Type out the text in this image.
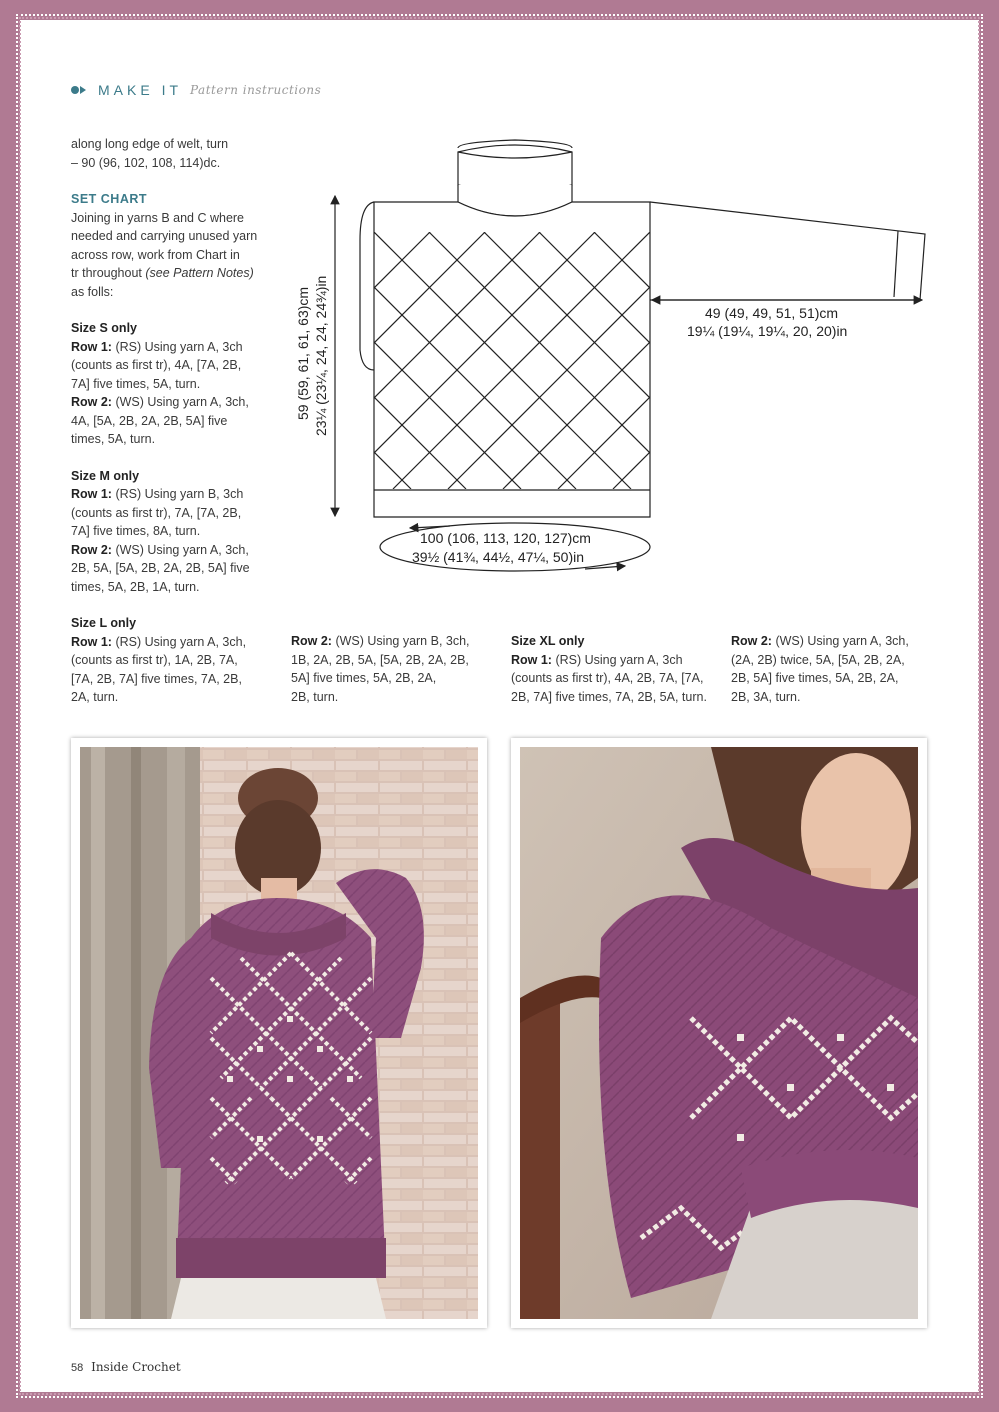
MAKE IT Pattern instructions

along long edge of welt, turn

– 90 (96, 102, 108, 114)dc.

SET CHART

Joining in yarns B and C where

needed and carrying unused yarn

across row, work from Chart in

tr throughout (see Pattern Notes)

as folls:

Size S only

Row 1: (RS) Using yarn A, 3ch

(counts as first tr), 4A, [7A, 2B,

7A] five times, 5A, turn.

Row 2: (WS) Using yarn A, 3ch,

4A, [5A, 2B, 2A, 2B, 5A] five

times, 5A, turn.

Size M only

Row 1: (RS) Using yarn B, 3ch

(counts as first tr), 7A, [7A, 2B,

7A] five times, 8A, turn.

Row 2: (WS) Using yarn A, 3ch,

2B, 5A, [5A, 2B, 2A, 2B, 5A] five

times, 5A, 2B, 1A, turn.

Size L only

Row 1: (RS) Using yarn A, 3ch,

(counts as first tr), 1A, 2B, 7A,

[7A, 2B, 7A] five times, 7A, 2B,

2A, turn.

Row 2: (WS) Using yarn B, 3ch,

1B, 2A, 2B, 5A, [5A, 2B, 2A, 2B,

5A] five times, 5A, 2B, 2A,

2B, turn.

Size XL only

Row 1: (RS) Using yarn A, 3ch

(counts as first tr), 4A, 2B, 7A, [7A,

2B, 7A] five times, 7A, 2B, 5A, turn.

Row 2: (WS) Using yarn A, 3ch,

(2A, 2B) twice, 5A, [5A, 2B, 2A,

2B, 5A] five times, 5A, 2B, 2A,

2B, 3A, turn.

59 (59, 61, 61, 63)cm 23¼ (23¼, 24, 24, 24¾)in	49 (49, 49, 51, 51)cm
19¼ (19¼, 19¼, 20, 20)in
100 (106, 113, 120, 127)cm
39½ (41¾, 44½, 47¼, 50)in
58 Inside Crochet
